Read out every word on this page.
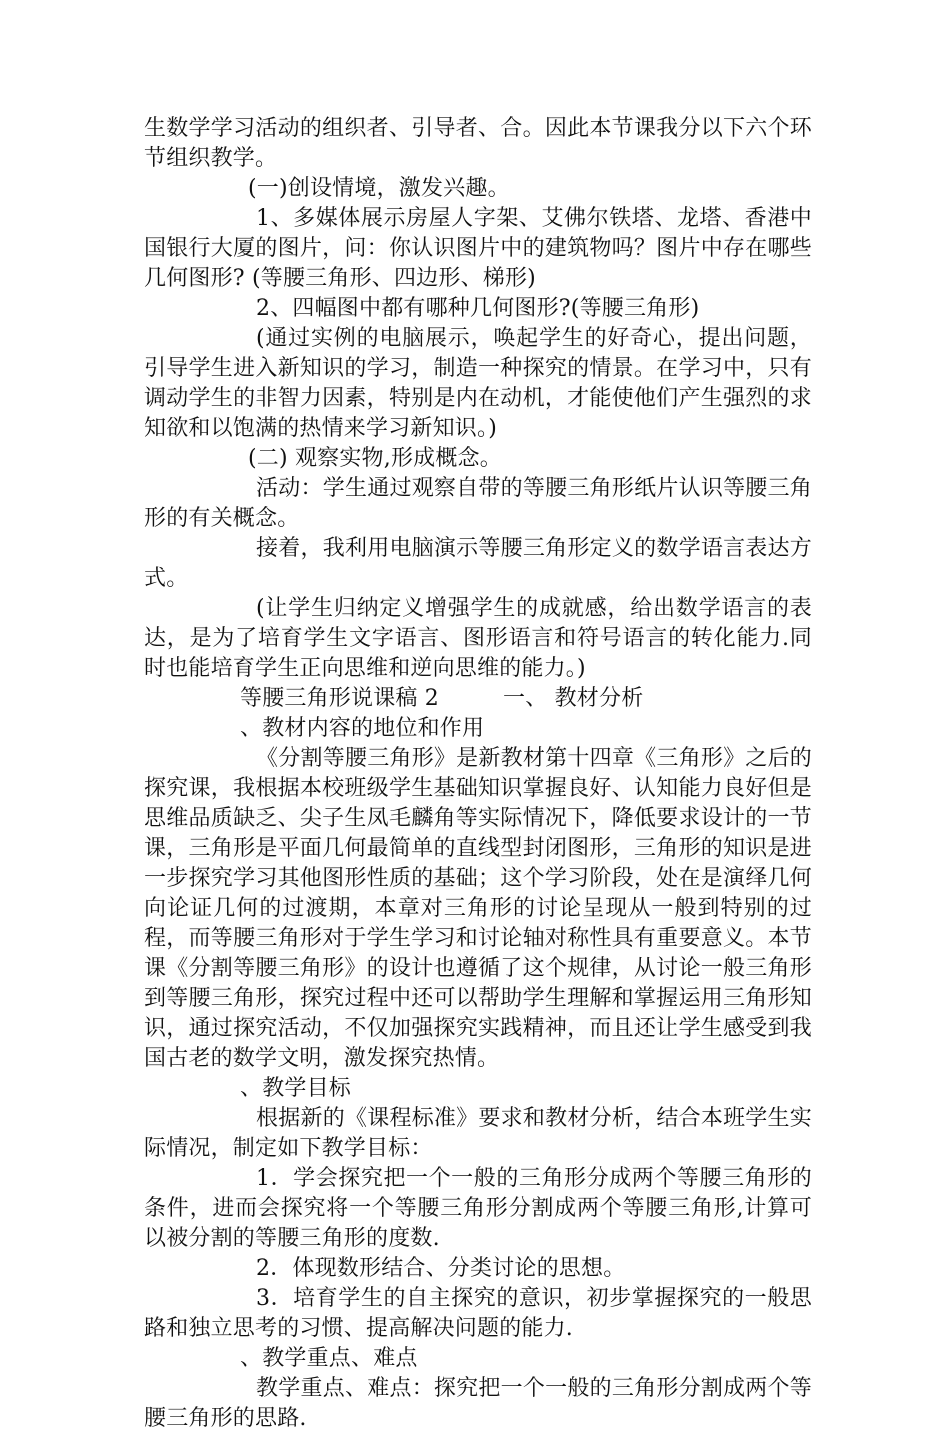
生数学学习活动的组织者、引导者、合。因此本节课我分以下六个环节组织教学。

(一)创设情境，激发兴趣。

1、多媒体展示房屋人字架、艾佛尔铁塔、龙塔、香港中国银行大厦的图片，问：你认识图片中的建筑物吗？图片中存在哪些几何图形? (等腰三角形、四边形、梯形)

2、四幅图中都有哪种几何图形?(等腰三角形)

(通过实例的电脑展示，唤起学生的好奇心，提出问题，引导学生进入新知识的学习，制造一种探究的情景。在学习中，只有调动学生的非智力因素，特别是内在动机，才能使他们产生强烈的求知欲和以饱满的热情来学习新知识。)

(二) 观察实物,形成概念。

活动：学生通过观察自带的等腰三角形纸片认识等腰三角形的有关概念。

接着，我利用电脑演示等腰三角形定义的数学语言表达方式。

(让学生归纳定义增强学生的成就感，给出数学语言的表达，是为了培育学生文字语言、图形语言和符号语言的转化能力.同时也能培育学生正向思维和逆向思维的能力。)

等腰三角形说课稿 2	一、 教材分析

、教材内容的地位和作用

《分割等腰三角形》是新教材第十四章《三角形》之后的探究课，我根据本校班级学生基础知识掌握良好、认知能力良好但是思维品质缺乏、尖子生凤毛麟角等实际情况下，降低要求设计的一节课，三角形是平面几何最简单的直线型封闭图形，三角形的知识是进一步探究学习其他图形性质的基础；这个学习阶段，处在是演绎几何向论证几何的过渡期，本章对三角形的讨论呈现从一般到特别的过程，而等腰三角形对于学生学习和讨论轴对称性具有重要意义。本节课《分割等腰三角形》的设计也遵循了这个规律，从讨论一般三角形到等腰三角形，探究过程中还可以帮助学生理解和掌握运用三角形知识，通过探究活动，不仅加强探究实践精神，而且还让学生感受到我国古老的数学文明，激发探究热情。

、教学目标

根据新的《课程标准》要求和教材分析，结合本班学生实际情况，制定如下教学目标：

1．学会探究把一个一般的三角形分成两个等腰三角形的条件，进而会探究将一个等腰三角形分割成两个等腰三角形,计算可以被分割的等腰三角形的度数.

2．体现数形结合、分类讨论的思想。

3．培育学生的自主探究的意识，初步掌握探究的一般思路和独立思考的习惯、提高解决问题的能力.

、教学重点、难点

教学重点、难点：探究把一个一般的三角形分割成两个等腰三角形的思路.
